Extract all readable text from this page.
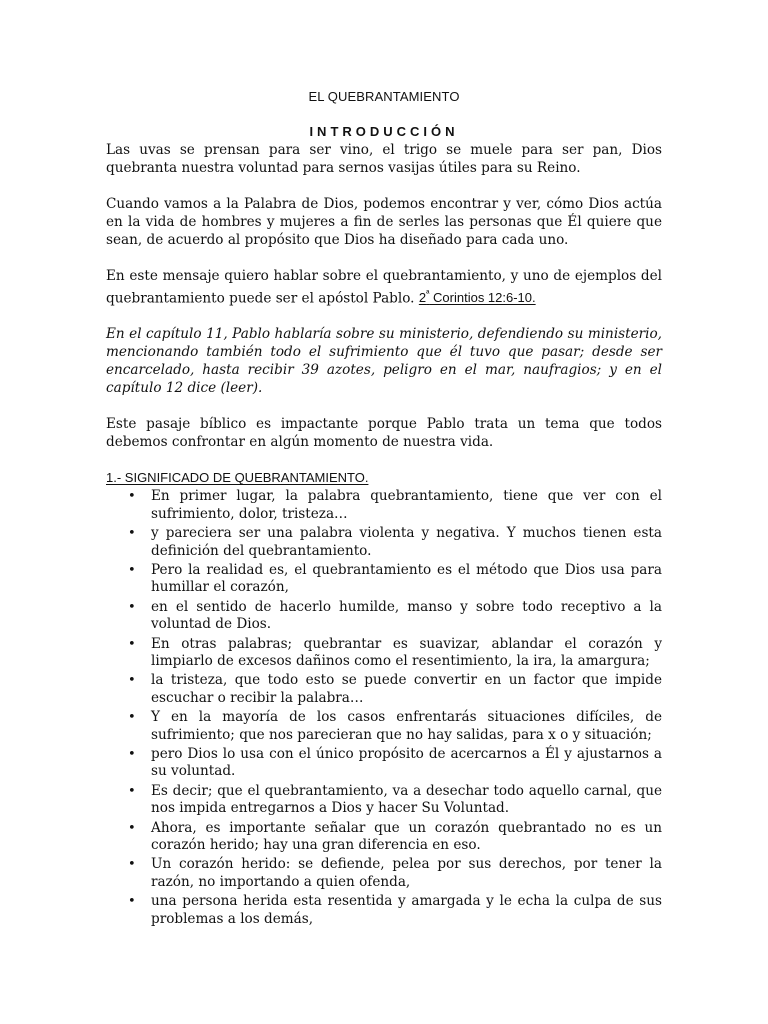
EL QUEBRANTAMIENTO

INTRODUCCIÓN

Las uvas se prensan para ser vino, el trigo se muele para ser pan, Dios quebranta nuestra voluntad para sernos vasijas útiles para su Reino.

Cuando vamos a la Palabra de Dios, podemos encontrar y ver, cómo Dios actúa en la vida de hombres y mujeres a fin de serles las personas que Él quiere que sean, de acuerdo al propósito que Dios ha diseñado para cada uno.

En este mensaje quiero hablar sobre el quebrantamiento, y uno de ejemplos del quebrantamiento puede ser el apóstol Pablo. $2^ª$ Corintios 12:6-10.

En el capítulo 11, Pablo hablaría sobre su ministerio, defendiendo su ministerio, mencionando también todo el sufrimiento que él tuvo que pasar; desde ser encarcelado, hasta recibir 39 azotes, peligro en el mar, naufragios; y en el capítulo 12 dice (leer).

Este pasaje bíblico es impactante porque Pablo trata un tema que todos debemos confrontar en algún momento de nuestra vida.

1.- SIGNIFICADO DE QUEBRANTAMIENTO.

• En primer lugar, la palabra quebrantamiento, tiene que ver con el sufrimiento, dolor, tristeza…
• y pareciera ser una palabra violenta y negativa. Y muchos tienen esta definición del quebrantamiento.
• Pero la realidad es, el quebrantamiento es el método que Dios usa para humillar el corazón,
• en el sentido de hacerlo humilde, manso y sobre todo receptivo a la voluntad de Dios.
• En otras palabras; quebrantar es suavizar, ablandar el corazón y limpiarlo de excesos dañinos como el resentimiento, la ira, la amargura;
• la tristeza, que todo esto se puede convertir en un factor que impide escuchar o recibir la palabra…
• Y en la mayoría de los casos enfrentarás situaciones difíciles, de sufrimiento; que nos parecieran que no hay salidas, para x o y situación;
• pero Dios lo usa con el único propósito de acercarnos a Él y ajustarnos a su voluntad.
• Es decir; que el quebrantamiento, va a desechar todo aquello carnal, que nos impida entregarnos a Dios y hacer Su Voluntad.
• Ahora, es importante señalar que un corazón quebrantado no es un corazón herido; hay una gran diferencia en eso.
• Un corazón herido: se defiende, pelea por sus derechos, por tener la razón, no importando a quien ofenda,
• una persona herida esta resentida y amargada y le echa la culpa de sus problemas a los demás,
